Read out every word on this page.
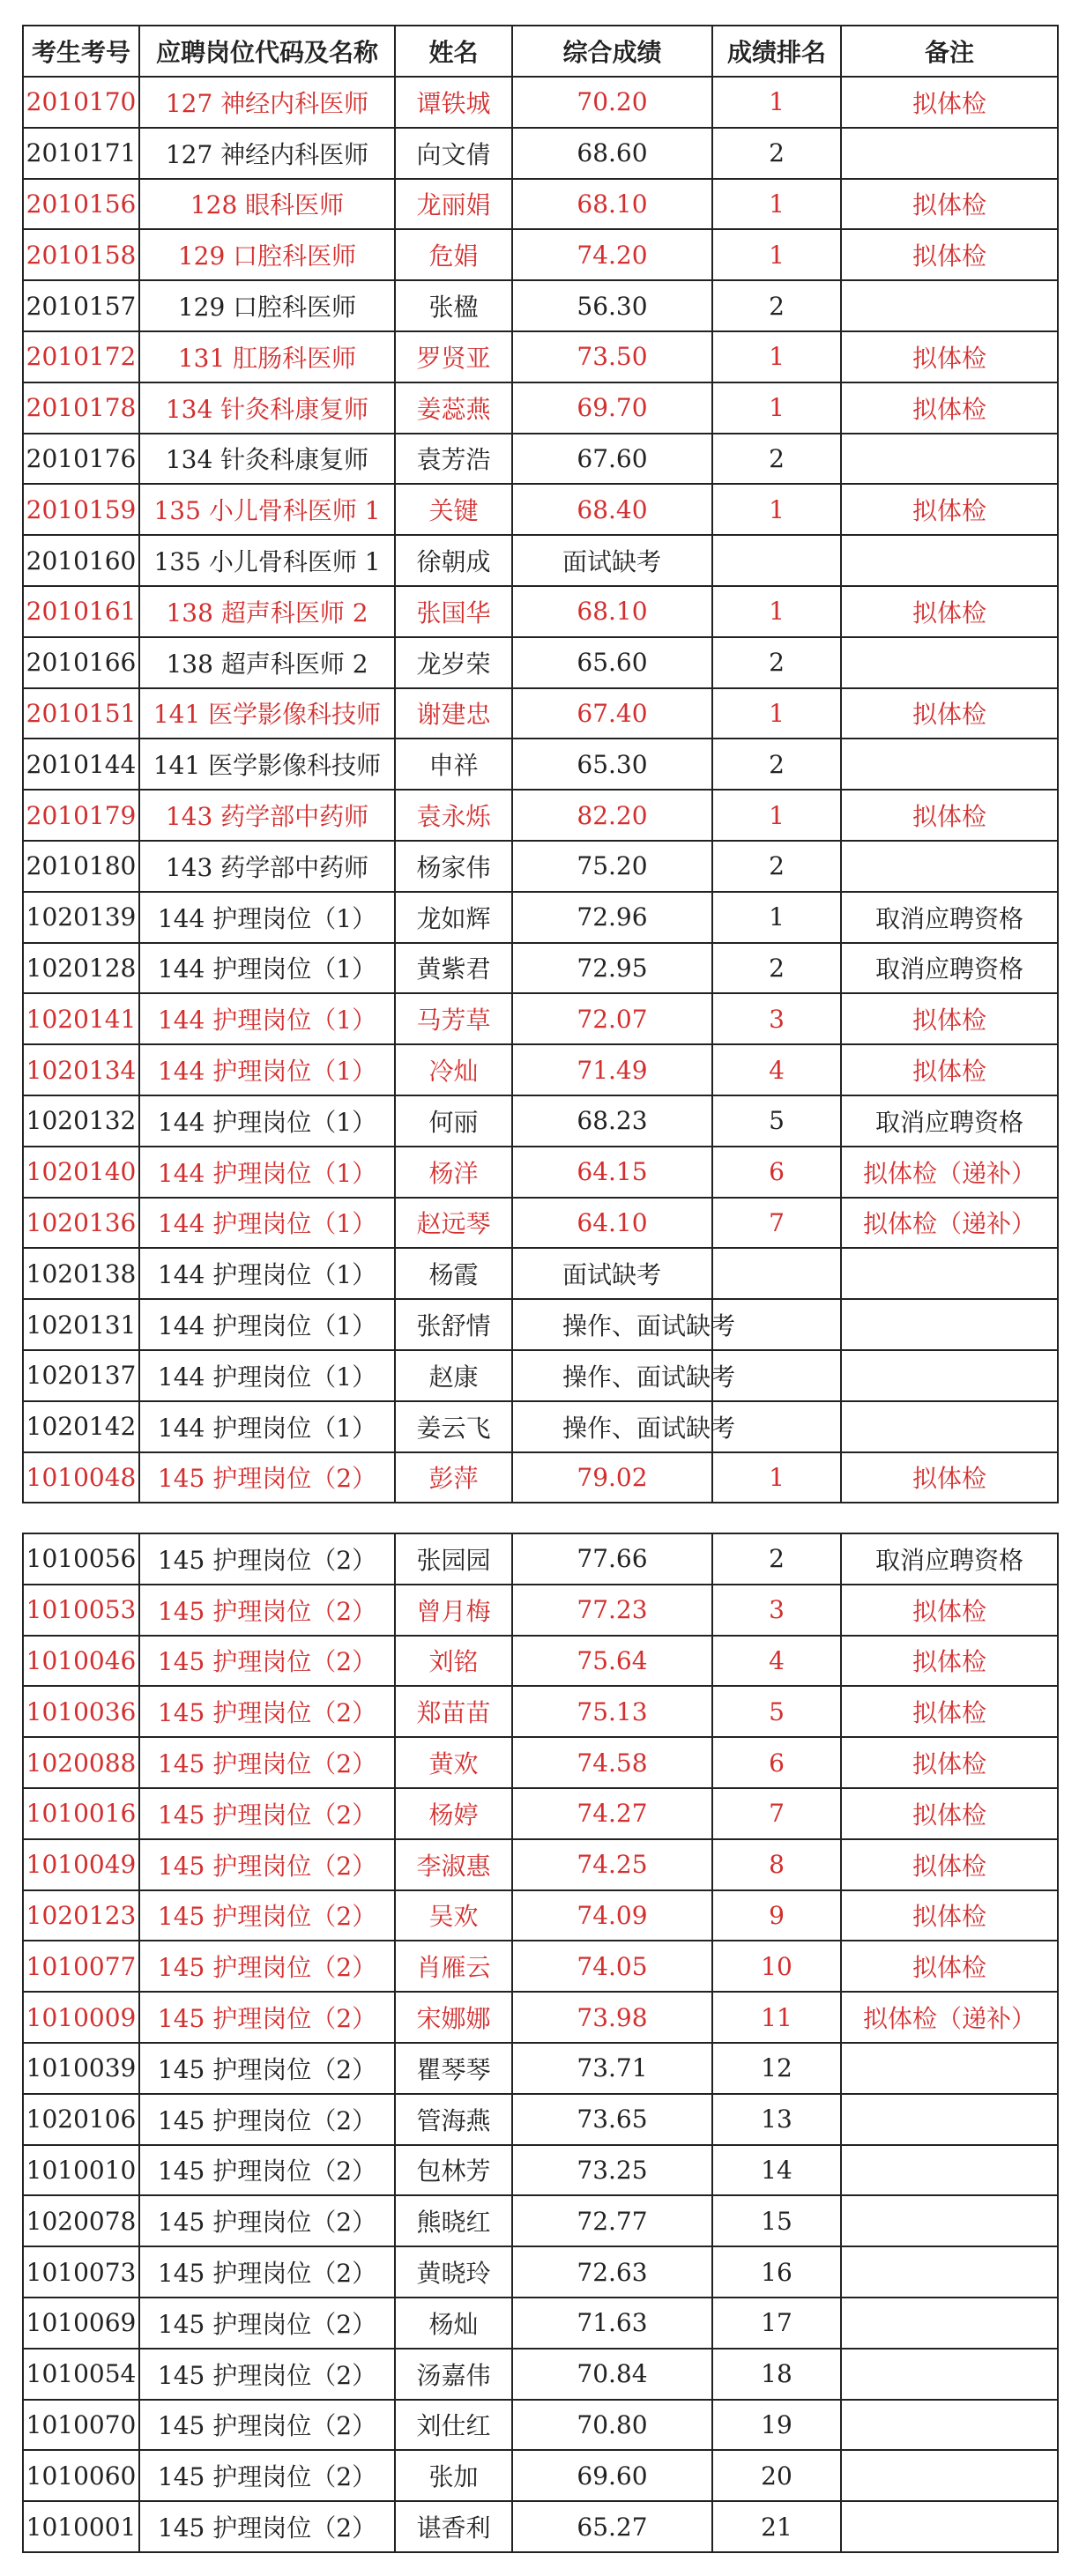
考生考号	应聘岗位代码及名称	姓名	综合成绩	成绩排名	备注
2010170	127 神经内科医师	谭铁城	70.20	1	拟体检
2010171	127 神经内科医师	向文倩	68.60	2	
2010156	128 眼科医师	龙丽娟	68.10	1	拟体检
2010158	129 口腔科医师	危娟	74.20	1	拟体检
2010157	129 口腔科医师	张楹	56.30	2	
2010172	131 肛肠科医师	罗贤亚	73.50	1	拟体检
2010178	134 针灸科康复师	姜蕊燕	69.70	1	拟体检
2010176	134 针灸科康复师	袁芳浩	67.60	2	
2010159	135 小儿骨科医师 1	关键	68.40	1	拟体检
2010160	135 小儿骨科医师 1	徐朝成	面试缺考		
2010161	138 超声科医师 2	张国华	68.10	1	拟体检
2010166	138 超声科医师 2	龙岁荣	65.60	2	
2010151	141 医学影像科技师	谢建忠	67.40	1	拟体检
2010144	141 医学影像科技师	申祥	65.30	2	
2010179	143 药学部中药师	袁永烁	82.20	1	拟体检
2010180	143 药学部中药师	杨家伟	75.20	2	
1020139	144 护理岗位（1）	龙如辉	72.96	1	取消应聘资格
1020128	144 护理岗位（1）	黄紫君	72.95	2	取消应聘资格
1020141	144 护理岗位（1）	马芳草	72.07	3	拟体检
1020134	144 护理岗位（1）	冷灿	71.49	4	拟体检
1020132	144 护理岗位（1）	何丽	68.23	5	取消应聘资格
1020140	144 护理岗位（1）	杨洋	64.15	6	拟体检（递补）
1020136	144 护理岗位（1）	赵远琴	64.10	7	拟体检（递补）
1020138	144 护理岗位（1）	杨霞	面试缺考		
1020131	144 护理岗位（1）	张舒情	操作、面试缺考		
1020137	144 护理岗位（1）	赵康	操作、面试缺考		
1020142	144 护理岗位（1）	姜云飞	操作、面试缺考		
1010048	145 护理岗位（2）	彭萍	79.02	1	拟体检
1010056	145 护理岗位（2）	张园园	77.66	2	取消应聘资格
1010053	145 护理岗位（2）	曾月梅	77.23	3	拟体检
1010046	145 护理岗位（2）	刘铭	75.64	4	拟体检
1010036	145 护理岗位（2）	郑苗苗	75.13	5	拟体检
1020088	145 护理岗位（2）	黄欢	74.58	6	拟体检
1010016	145 护理岗位（2）	杨婷	74.27	7	拟体检
1010049	145 护理岗位（2）	李淑惠	74.25	8	拟体检
1020123	145 护理岗位（2）	吴欢	74.09	9	拟体检
1010077	145 护理岗位（2）	肖雁云	74.05	10	拟体检
1010009	145 护理岗位（2）	宋娜娜	73.98	11	拟体检（递补）
1010039	145 护理岗位（2）	瞿琴琴	73.71	12	
1020106	145 护理岗位（2）	管海燕	73.65	13	
1010010	145 护理岗位（2）	包林芳	73.25	14	
1020078	145 护理岗位（2）	熊晓红	72.77	15	
1010073	145 护理岗位（2）	黄晓玲	72.63	16	
1010069	145 护理岗位（2）	杨灿	71.63	17	
1010054	145 护理岗位（2）	汤嘉伟	70.84	18	
1010070	145 护理岗位（2）	刘仕红	70.80	19	
1010060	145 护理岗位（2）	张加	69.60	20	
1010001	145 护理岗位（2）	谌香利	65.27	21	
